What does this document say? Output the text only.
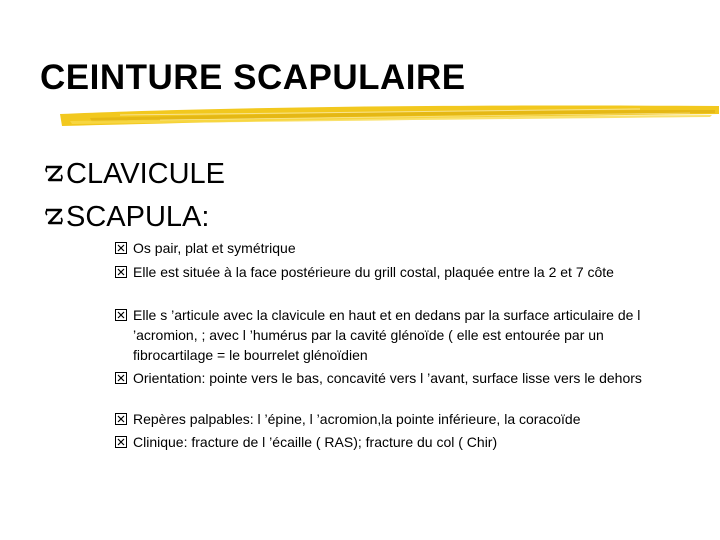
CEINTURE SCAPULAIRE
CLAVICULE
SCAPULA:
Os pair, plat et symétrique
Elle est située à la face postérieure du grill costal, plaquée entre la 2 et 7 côte
Elle s ’articule avec la clavicule en haut et en dedans par la surface articulaire de l ’acromion, ; avec l ’humérus par la cavité glénoïde ( elle est entourée par un fibrocartilage = le bourrelet glénoïdien
Orientation: pointe vers le bas, concavité vers l ’avant, surface lisse vers le dehors
Repères palpables: l ’épine, l ’acromion,la pointe inférieure, la coracoïde
Clinique: fracture de l ’écaille ( RAS); fracture du col ( Chir)
